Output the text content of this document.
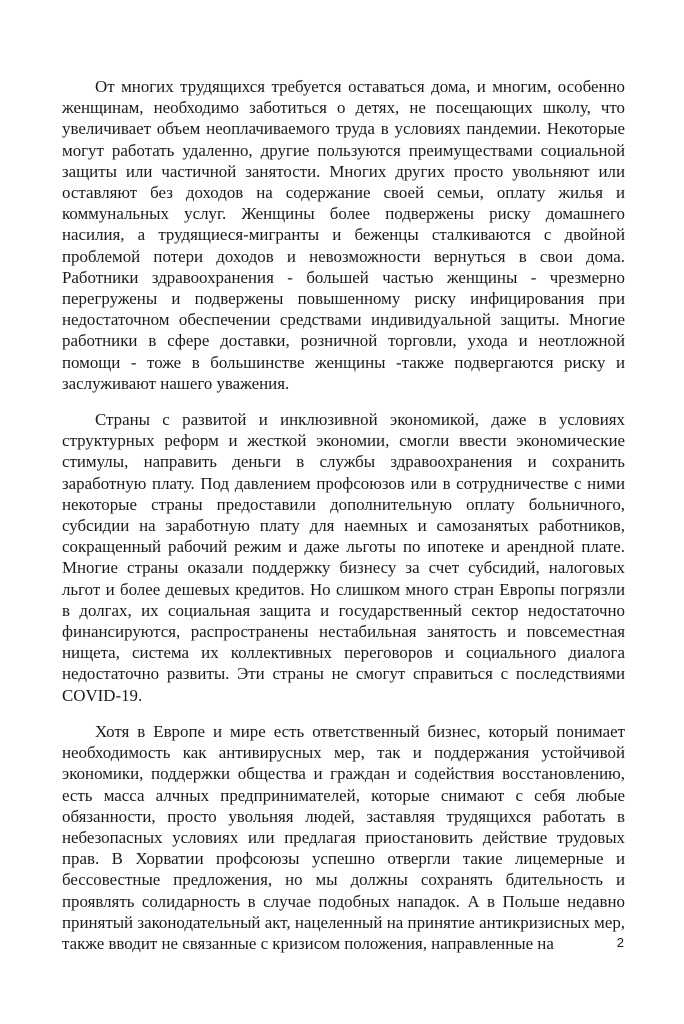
От многих трудящихся требуется оставаться дома, и многим, особенно женщинам, необходимо заботиться о детях, не посещающих школу, что увеличивает объем неоплачиваемого труда в условиях пандемии. Некоторые могут работать удаленно, другие пользуются преимуществами социальной защиты или частичной занятости. Многих других просто увольняют или оставляют без доходов на содержание своей семьи, оплату жилья и коммунальных услуг. Женщины более подвержены риску домашнего насилия, а трудящиеся-мигранты и беженцы сталкиваются с двойной проблемой потери доходов и невозможности вернуться в свои дома. Работники здравоохранения - большей частью женщины - чрезмерно перегружены и подвержены повышенному риску инфицирования при недостаточном обеспечении средствами индивидуальной защиты. Многие работники в сфере доставки, розничной торговли, ухода и неотложной помощи - тоже в большинстве женщины -также подвергаются риску и заслуживают нашего уважения.

Страны с развитой и инклюзивной экономикой, даже в условиях структурных реформ и жесткой экономии, смогли ввести экономические стимулы, направить деньги в службы здравоохранения и сохранить заработную плату. Под давлением профсоюзов или в сотрудничестве с ними некоторые страны предоставили дополнительную оплату больничного, субсидии на заработную плату для наемных и самозанятых работников, сокращенный рабочий режим и даже льготы по ипотеке и арендной плате. Многие страны оказали поддержку бизнесу за счет субсидий, налоговых льгот и более дешевых кредитов. Но слишком много стран Европы погрязли в долгах, их социальная защита и государственный сектор недостаточно финансируются, распространены нестабильная занятость и повсеместная нищета, система их коллективных переговоров и социального диалога недостаточно развиты. Эти страны не смогут справиться с последствиями COVID-19.

Хотя в Европе и мире есть ответственный бизнес, который понимает необходимость как антивирусных мер, так и поддержания устойчивой экономики, поддержки общества и граждан и содействия восстановлению, есть масса алчных предпринимателей, которые снимают с себя любые обязанности, просто увольняя людей, заставляя трудящихся работать в небезопасных условиях или предлагая приостановить действие трудовых прав. В Хорватии профсоюзы успешно отвергли такие лицемерные и бессовестные предложения, но мы должны сохранять бдительность и проявлять солидарность в случае подобных нападок. А в Польше недавно принятый законодательный акт, нацеленный на принятие антикризисных мер, также вводит не связанные с кризисом положения, направленные на	2
